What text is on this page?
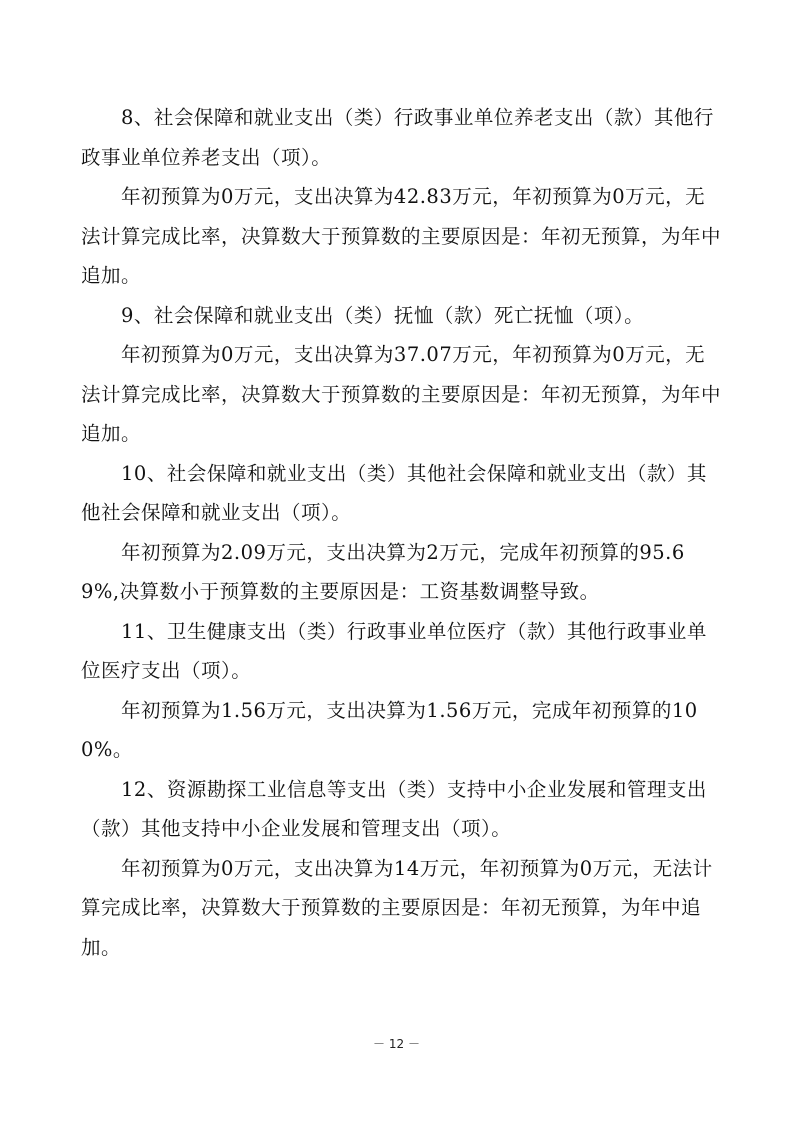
8、社会保障和就业支出（类）行政事业单位养老支出（款）其他行政事业单位养老支出（项）。

年初预算为0万元，支出决算为42.83万元，年初预算为0万元，无法计算完成比率，决算数大于预算数的主要原因是：年初无预算，为年中追加。

9、社会保障和就业支出（类）抚恤（款）死亡抚恤（项）。

年初预算为0万元，支出决算为37.07万元，年初预算为0万元，无法计算完成比率，决算数大于预算数的主要原因是：年初无预算，为年中追加。

10、社会保障和就业支出（类）其他社会保障和就业支出（款）其他社会保障和就业支出（项）。

年初预算为2.09万元，支出决算为2万元，完成年初预算的95.69%,决算数小于预算数的主要原因是：工资基数调整导致。

11、卫生健康支出（类）行政事业单位医疗（款）其他行政事业单位医疗支出（项）。

年初预算为1.56万元，支出决算为1.56万元，完成年初预算的100%。

12、资源勘探工业信息等支出（类）支持中小企业发展和管理支出（款）其他支持中小企业发展和管理支出（项）。

年初预算为0万元，支出决算为14万元，年初预算为0万元，无法计算完成比率，决算数大于预算数的主要原因是：年初无预算，为年中追加。

－ 12 －
